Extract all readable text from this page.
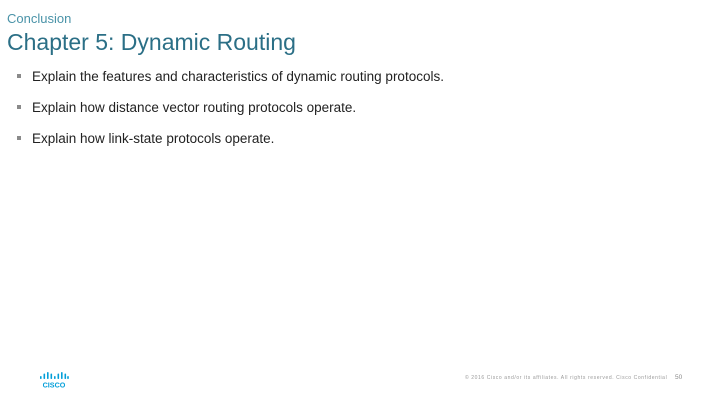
Conclusion
Chapter 5: Dynamic Routing
Explain the features and characteristics of dynamic routing protocols.
Explain how distance vector routing protocols operate.
Explain how link-state protocols operate.
CISCO
© 2016 Cisco and/or its affiliates. All rights reserved. Cisco Confidential 50
